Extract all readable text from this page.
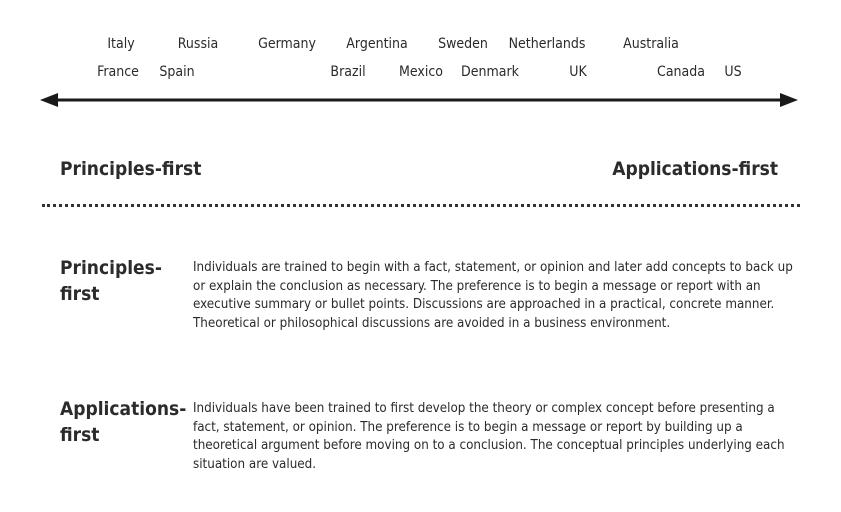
Italy	Russia	Germany Argentina Sweden Netherlands	Australia
France Spain	Brazil Mexico Denmark	UK	Canada US
Principles-first	Applications-first
Principles-
first
Individuals are trained to begin with a fact, statement, or opinion and later add concepts to back up or explain the conclusion as necessary. The preference is to begin a message or report with an executive summary or bullet points. Discussions are approached in a practical, concrete manner. Theoretical or philosophical discussions are avoided in a business environment.
Applications-
first
Individuals have been trained to first develop the theory or complex concept before presenting a fact, statement, or opinion. The preference is to begin a message or report by building up a theoretical argument before moving on to a conclusion. The conceptual principles underlying each situation are valued.
